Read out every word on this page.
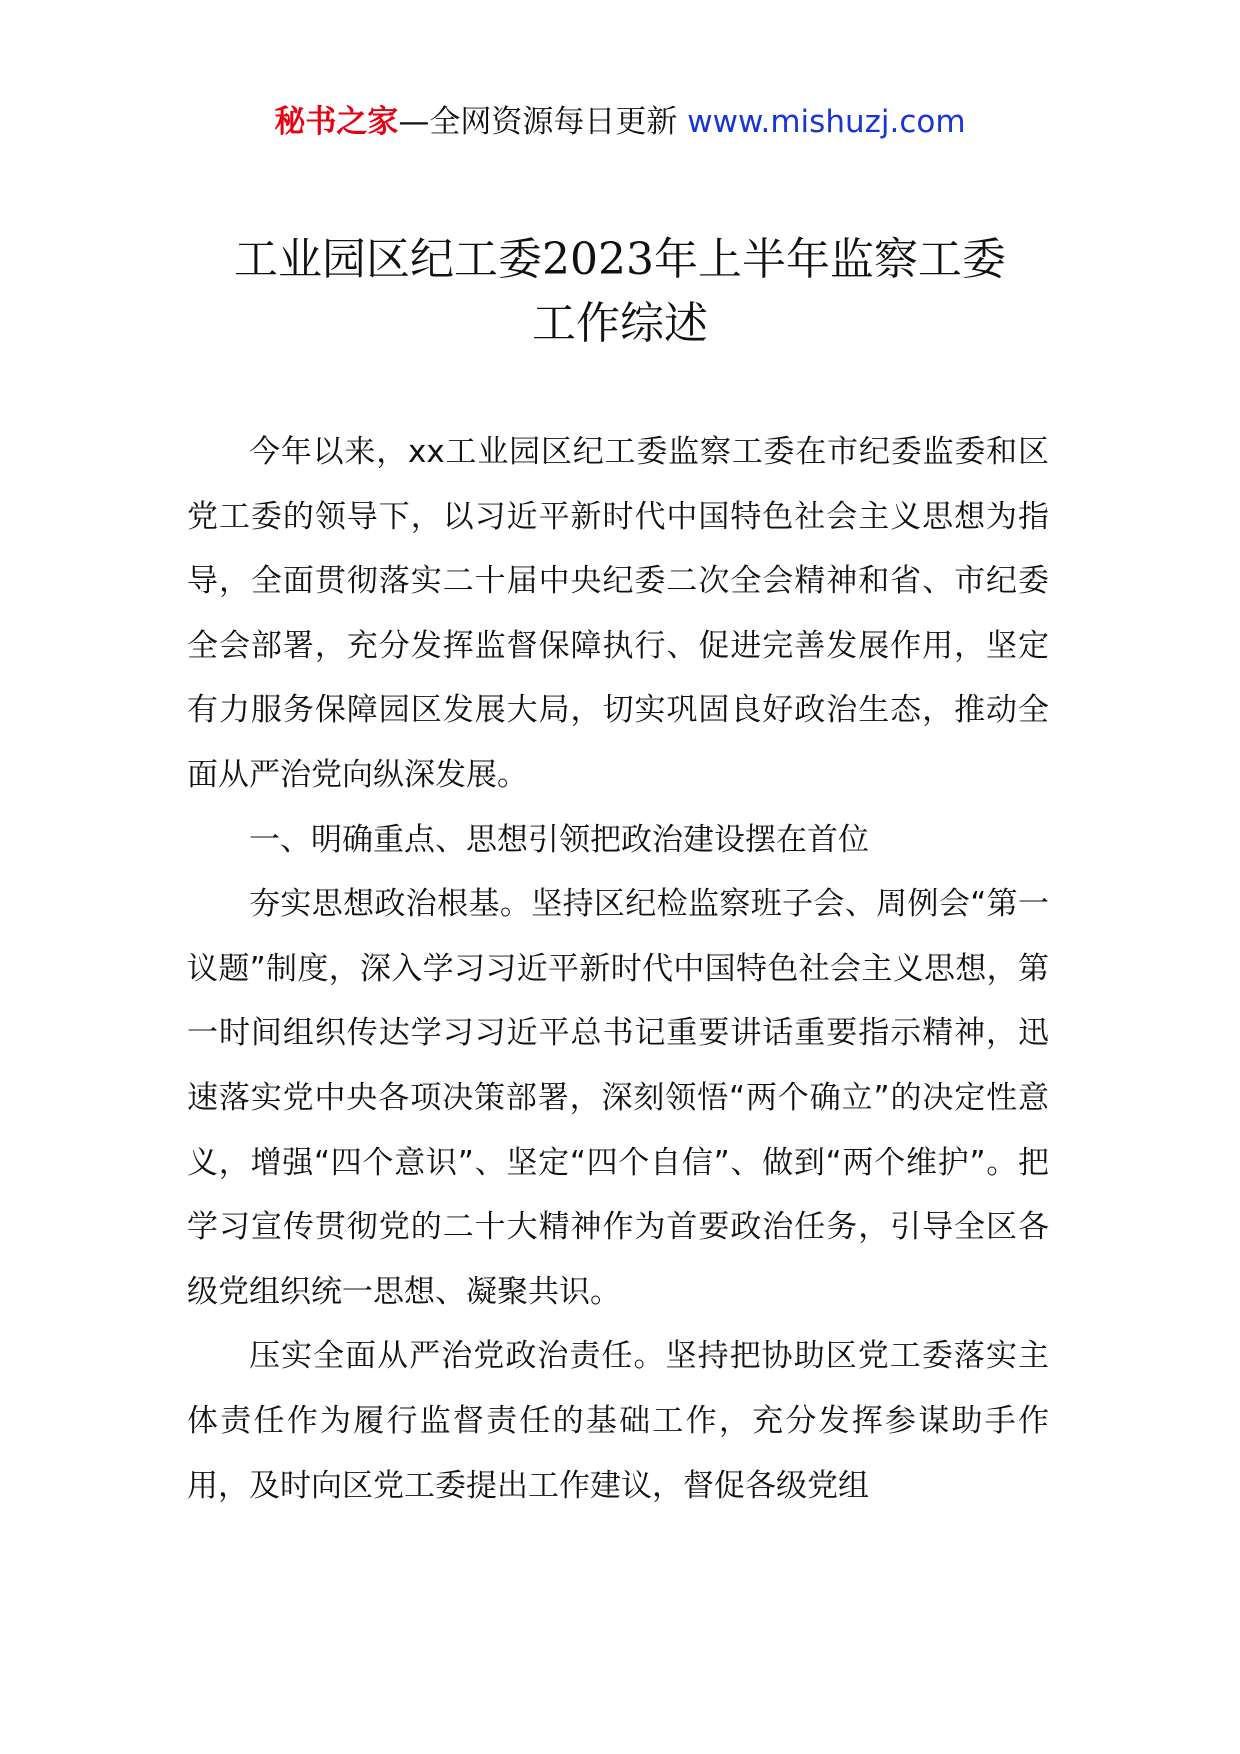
秘书之家—全网资源每日更新 www.mishuzj.com
工业园区纪工委2023年上半年监察工委
工作综述

今年以来，xx工业园区纪工委监察工委在市纪委监委和区党工委的领导下，以习近平新时代中国特色社会主义思想为指导，全面贯彻落实二十届中央纪委二次全会精神和省、市纪委全会部署，充分发挥监督保障执行、促进完善发展作用，坚定有力服务保障园区发展大局，切实巩固良好政治生态，推动全面从严治党向纵深发展。

一、明确重点、思想引领把政治建设摆在首位

夯实思想政治根基。坚持区纪检监察班子会、周例会“第一议题”制度，深入学习习近平新时代中国特色社会主义思想，第一时间组织传达学习习近平总书记重要讲话重要指示精神，迅速落实党中央各项决策部署，深刻领悟“两个确立”的决定性意义，增强“四个意识”、坚定“四个自信”、做到“两个维护”。把学习宣传贯彻党的二十大精神作为首要政治任务，引导全区各级党组织统一思想、凝聚共识。

压实全面从严治党政治责任。坚持把协助区党工委落实主体责任作为履行监督责任的基础工作，充分发挥参谋助手作用，及时向区党工委提出工作建议，督促各级党组
